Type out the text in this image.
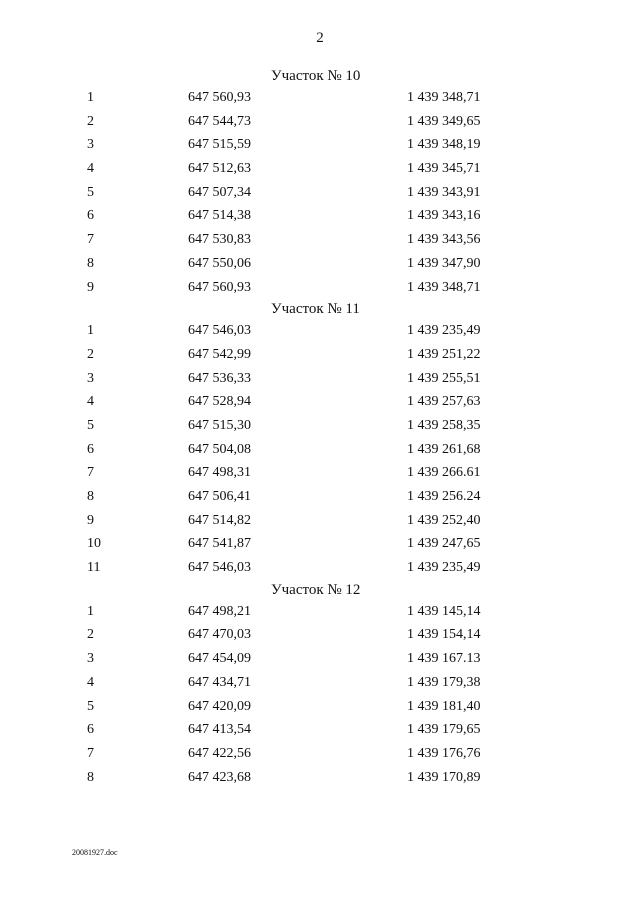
2
Участок № 10
1	647 560,93	1 439 348,71
2	647 544,73	1 439 349,65
3	647 515,59	1 439 348,19
4	647 512,63	1 439 345,71
5	647 507,34	1 439 343,91
6	647 514,38	1 439 343,16
7	647 530,83	1 439 343,56
8	647 550,06	1 439 347,90
9	647 560,93	1 439 348,71
Участок № 11
1	647 546,03	1 439 235,49
2	647 542,99	1 439 251,22
3	647 536,33	1 439 255,51
4	647 528,94	1 439 257,63
5	647 515,30	1 439 258,35
6	647 504,08	1 439 261,68
7	647 498,31	1 439 266.61
8	647 506,41	1 439 256.24
9	647 514,82	1 439 252,40
10	647 541,87	1 439 247,65
11	647 546,03	1 439 235,49
Участок № 12
1	647 498,21	1 439 145,14
2	647 470,03	1 439 154,14
3	647 454,09	1 439 167.13
4	647 434,71	1 439 179,38
5	647 420,09	1 439 181,40
6	647 413,54	1 439 179,65
7	647 422,56	1 439 176,76
8	647 423,68	1 439 170,89
20081927.doc
